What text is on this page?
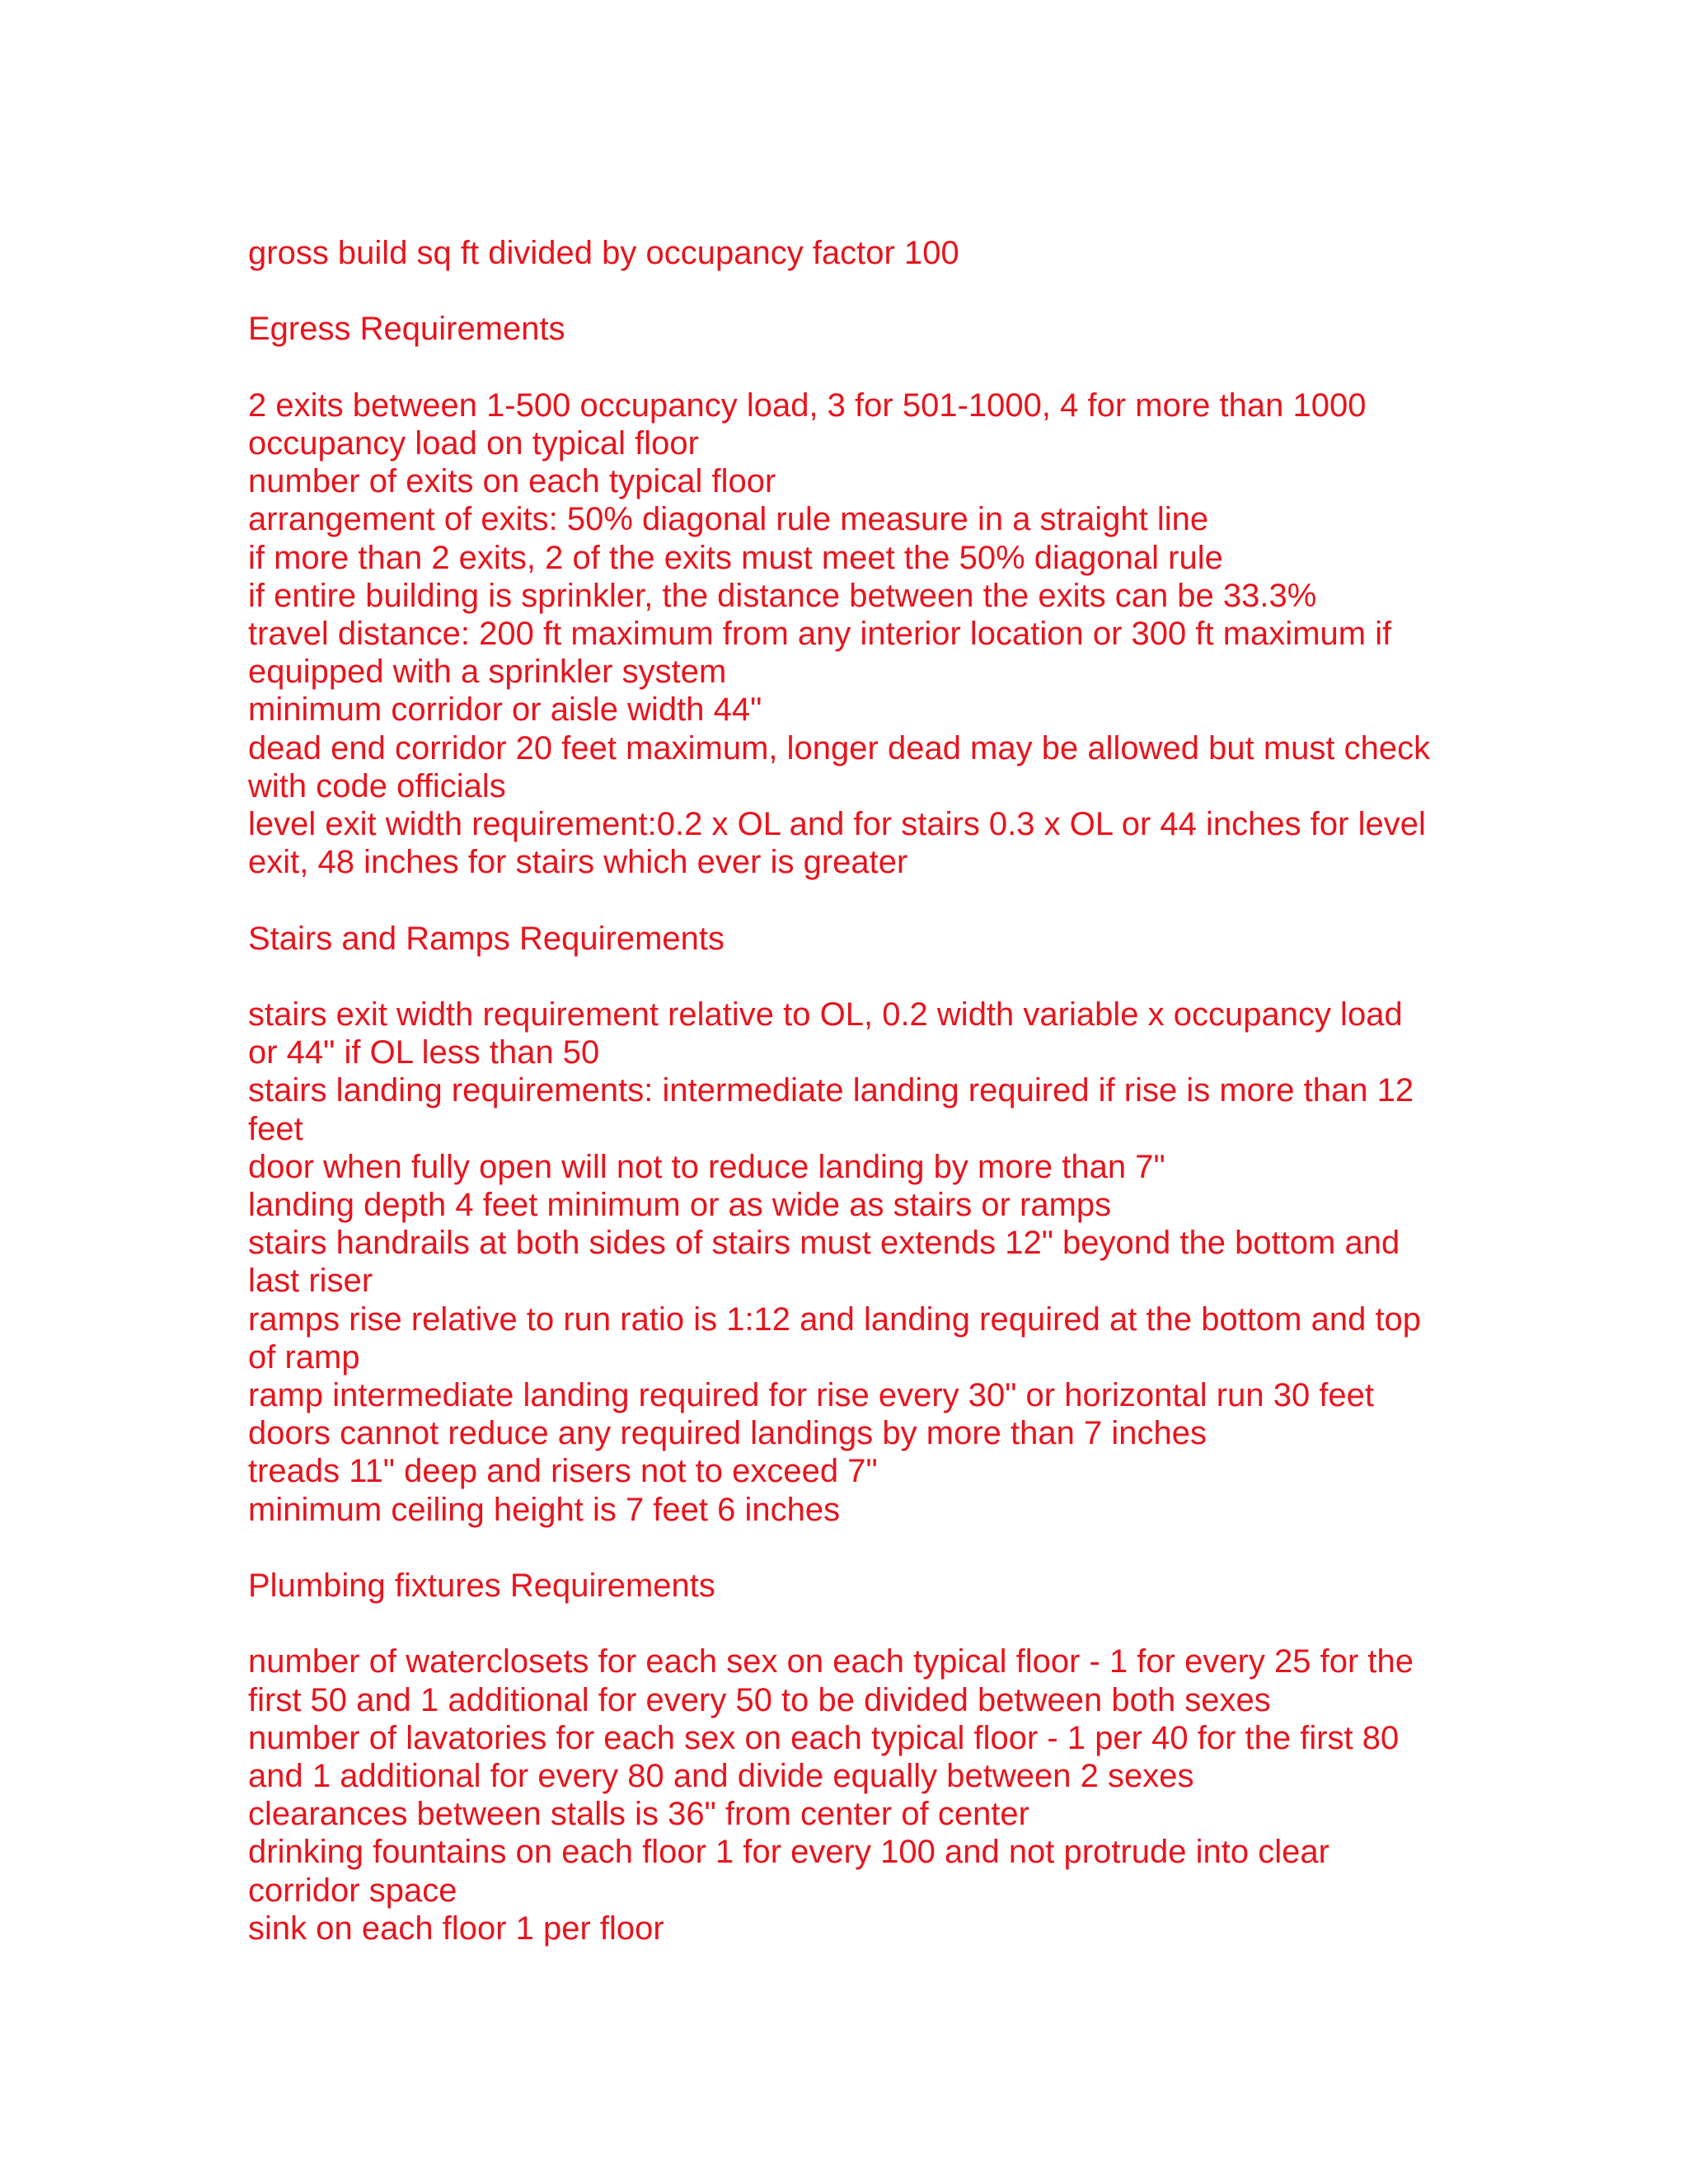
gross build sq ft divided by occupancy factor 100
Egress Requirements
2 exits between 1-500 occupancy load, 3 for 501-1000, 4 for more than 1000
occupancy load on typical floor
number of exits on each typical floor
arrangement of exits: 50% diagonal rule measure in a straight line
if more than 2 exits, 2 of the exits must meet the 50% diagonal rule
if entire building is sprinkler, the distance between the exits can be 33.3%
travel distance: 200 ft maximum from any interior location or 300 ft maximum if
equipped with a sprinkler system
minimum corridor or aisle width 44"
dead end corridor 20 feet maximum, longer dead may be allowed but must check
with code officials
level exit width requirement:0.2 x OL and for stairs 0.3 x OL or 44 inches for level
exit, 48 inches for stairs which ever is greater
Stairs and Ramps Requirements
stairs exit width requirement relative to OL, 0.2 width variable x occupancy load
or 44" if OL less than 50
stairs landing requirements: intermediate landing required if rise is more than 12
feet
door when fully open will not to reduce landing by more than 7"
landing depth 4 feet minimum or as wide as stairs or ramps
stairs handrails at both sides of stairs must extends 12" beyond the bottom and
last riser
ramps rise relative to run ratio is 1:12 and landing required at the bottom and top
of ramp
ramp intermediate landing required for rise every 30" or horizontal run 30 feet
doors cannot reduce any required landings by more than 7 inches
treads 11" deep and risers not to exceed 7"
minimum ceiling height is 7 feet 6 inches
Plumbing fixtures Requirements
number of waterclosets for each sex on each typical floor - 1 for every 25 for the
first 50 and 1 additional for every 50 to be divided between both sexes
number of lavatories for each sex on each typical floor - 1 per 40 for the first 80
and 1 additional for every 80 and divide equally between 2 sexes
clearances between stalls is 36" from center of center
drinking fountains on each floor 1 for every 100 and not protrude into clear
corridor space
sink on each floor 1 per floor
